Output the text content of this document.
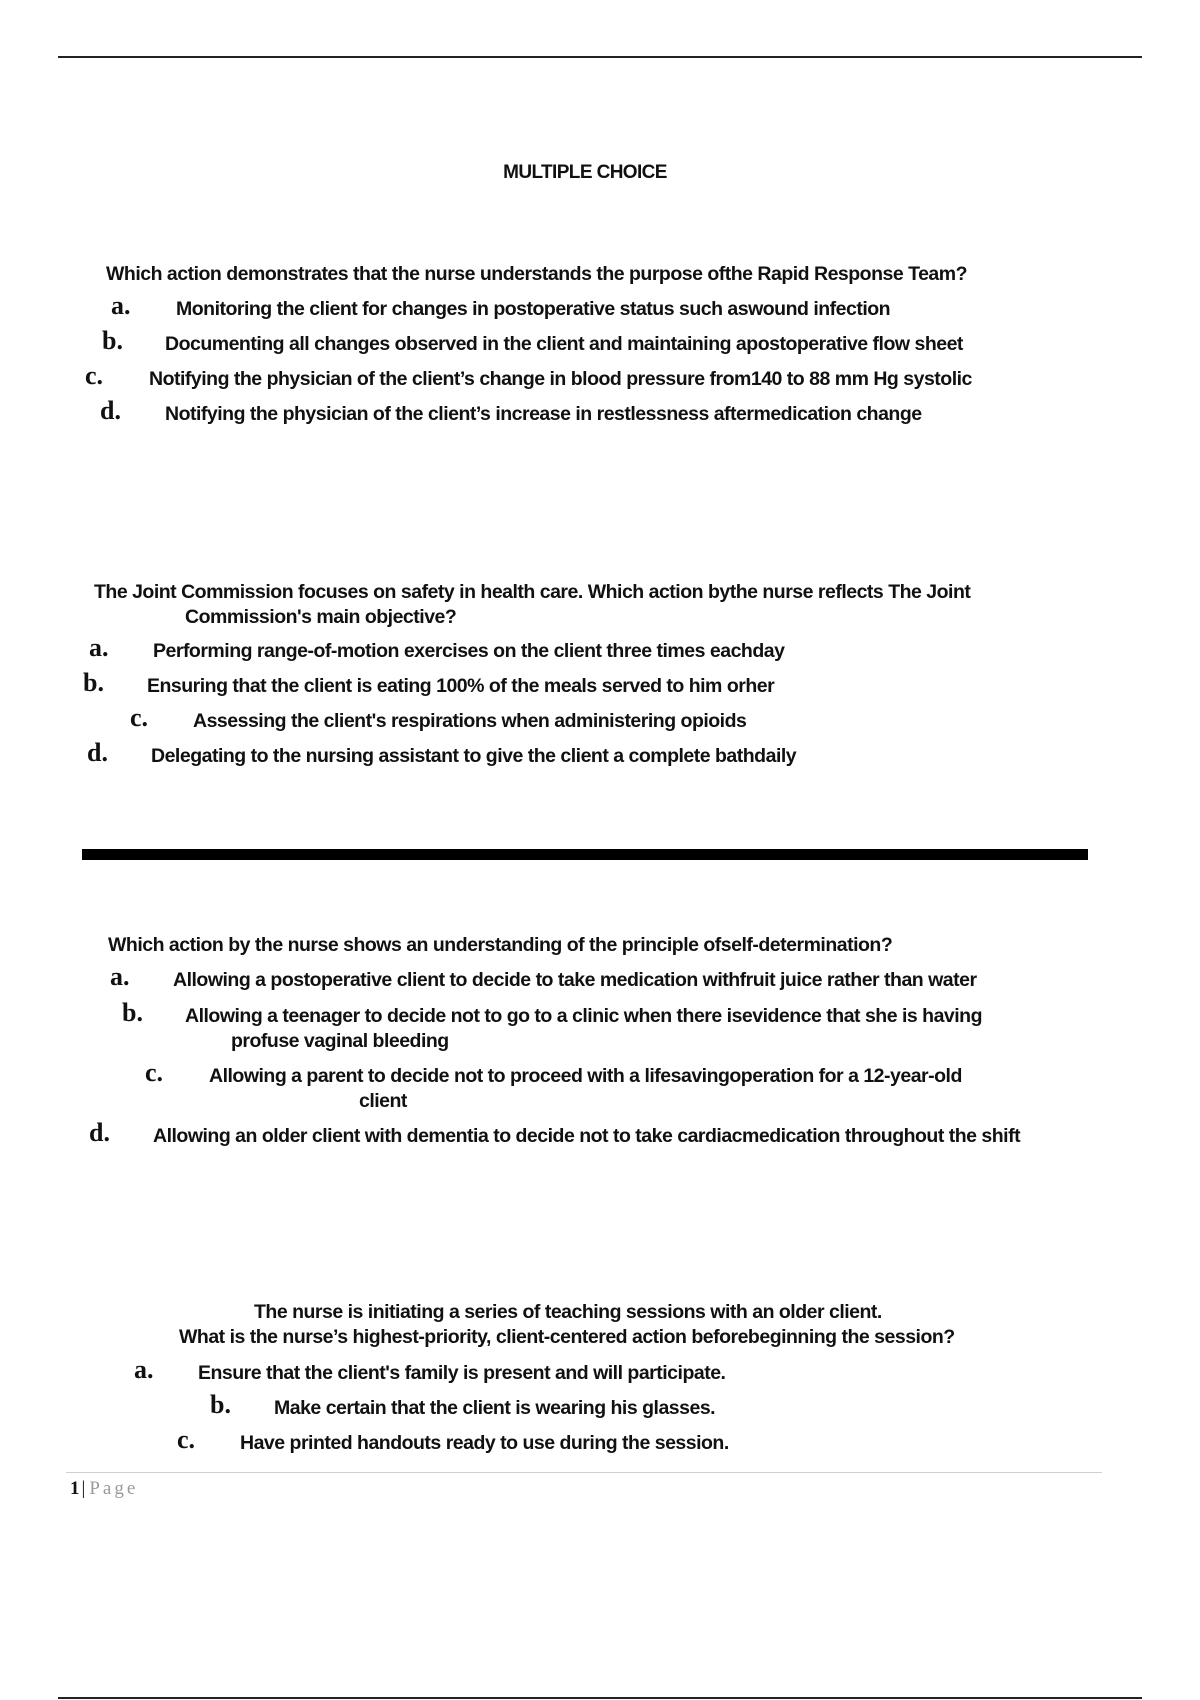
MULTIPLE CHOICE
Which action demonstrates that the nurse understands the purpose ofthe Rapid Response Team?
a. Monitoring the client for changes in postoperative status such aswound infection
b. Documenting all changes observed in the client and maintaining apostoperative flow sheet
c. Notifying the physician of the client’s change in blood pressure from140 to 88 mm Hg systolic
d. Notifying the physician of the client’s increase in restlessness aftermedication change
The Joint Commission focuses on safety in health care. Which action bythe nurse reflects The Joint
Commission's main objective?
a. Performing range-of-motion exercises on the client three times eachday
b. Ensuring that the client is eating 100% of the meals served to him orher
c. Assessing the client's respirations when administering opioids
d. Delegating to the nursing assistant to give the client a complete bathdaily
Which action by the nurse shows an understanding of the principle ofself-determination?
a. Allowing a postoperative client to decide to take medication withfruit juice rather than water
b. Allowing a teenager to decide not to go to a clinic when there isevidence that she is having
profuse vaginal bleeding
c. Allowing a parent to decide not to proceed with a lifesavingoperation for a 12-year-old
client
d. Allowing an older client with dementia to decide not to take cardiacmedication throughout the shift
The nurse is initiating a series of teaching sessions with an older client.
What is the nurse’s highest-priority, client-centered action beforebeginning the session?
a. Ensure that the client's family is present and will participate.
b. Make certain that the client is wearing his glasses.
c. Have printed handouts ready to use during the session.
1 | Page
